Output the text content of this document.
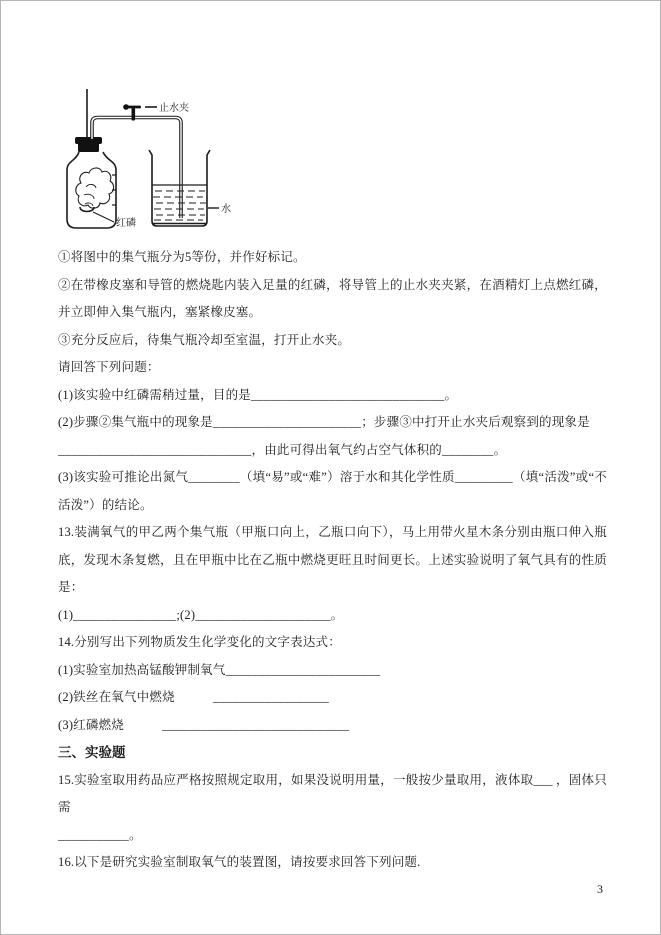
红磷
止水夹
水
①将图中的集气瓶分为5等份，并作好标记。
②在带橡皮塞和导管的燃烧匙内装入足量的红磷，将导管上的止水夹夹紧，在酒精灯上点燃红磷，并立即伸入集气瓶内，塞紧橡皮塞。
③充分反应后，待集气瓶冷却至室温，打开止水夹。
请回答下列问题：
(1)该实验中红磷需稍过量，目的是______________________________。
(2)步骤②集气瓶中的现象是_______________________；步骤③中打开止水夹后观察到的现象是
______________________________，由此可得出氧气约占空气体积的________。
(3)该实验可推论出氮气________（填“易”或“难”）溶于水和其化学性质_________（填“活泼”或“不活泼”）的结论。
13.装满氧气的甲乙两个集气瓶（甲瓶口向上，乙瓶口向下），马上用带火星木条分别由瓶口伸入瓶底，发现木条复燃，且在甲瓶中比在乙瓶中燃烧更旺且时间更长。上述实验说明了氧气具有的性质是：
(1)________________;(2)_____________________。
14.分别写出下列物质发生化学变化的文字表达式：
(1)实验室加热高锰酸钾制氧气________________________
(2)铁丝在氧气中燃烧　　　__________________
(3)红磷燃烧　　　_____________________________
三、实验题
15.实验室取用药品应严格按照规定取用，如果没说明用量，一般按少量取用，液体取___ ，固体只需
___________。
16.以下是研究实验室制取氧气的装置图，请按要求回答下列问题.
3
